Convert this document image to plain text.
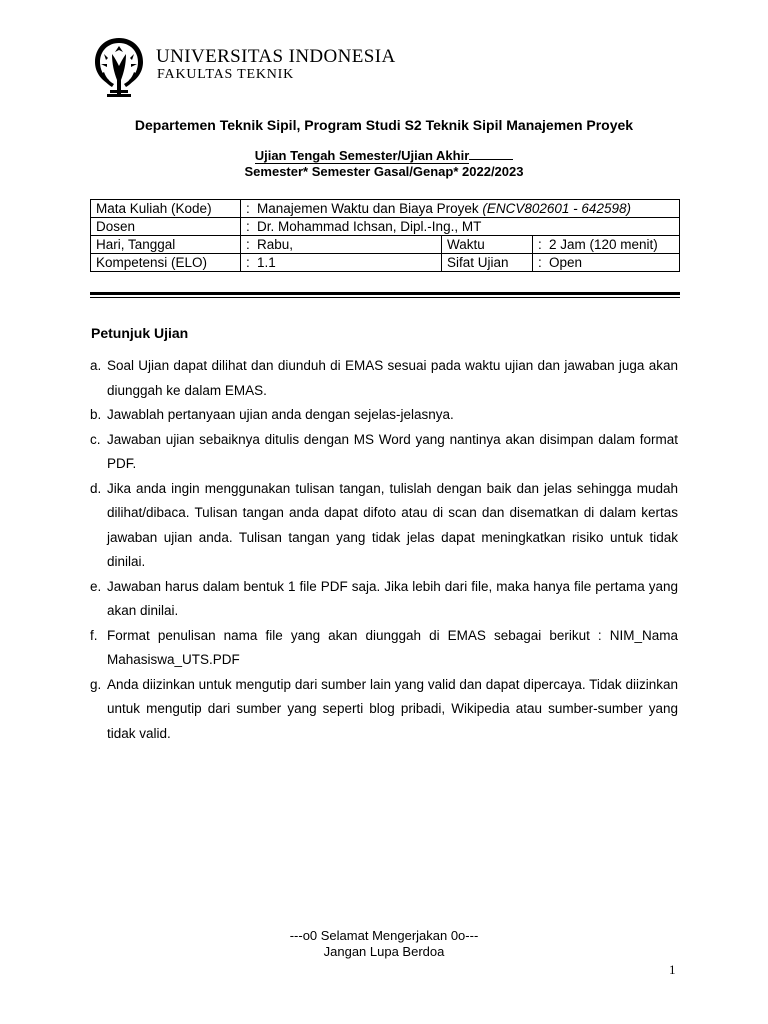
UNIVERSITAS INDONESIA
FAKULTAS TEKNIK
Departemen Teknik Sipil, Program Studi S2 Teknik Sipil Manajemen Proyek
Ujian Tengah Semester/Ujian Akhir
Semester* Semester Gasal/Genap* 2022/2023
Mata Kuliah (Kode)	: Manajemen Waktu dan Biaya Proyek (ENCV802601 - 642598)		
Dosen	: Dr. Mohammad Ichsan, Dipl.-Ing., MT		
Hari, Tanggal	: Rabu,	Waktu	: 2 Jam (120 menit)
Kompetensi (ELO)	: 1.1	Sifat Ujian	: Open
Petunjuk Ujian
a. Soal Ujian dapat dilihat dan diunduh di EMAS sesuai pada waktu ujian dan jawaban juga akan diunggah ke dalam EMAS.
b. Jawablah pertanyaan ujian anda dengan sejelas-jelasnya.
c. Jawaban ujian sebaiknya ditulis dengan MS Word yang nantinya akan disimpan dalam format PDF.
d. Jika anda ingin menggunakan tulisan tangan, tulislah dengan baik dan jelas sehingga mudah dilihat/dibaca. Tulisan tangan anda dapat difoto atau di scan dan disematkan di dalam kertas jawaban ujian anda. Tulisan tangan yang tidak jelas dapat meningkatkan risiko untuk tidak dinilai.
e. Jawaban harus dalam bentuk 1 file PDF saja. Jika lebih dari file, maka hanya file pertama yang akan dinilai.
f. Format penulisan nama file yang akan diunggah di EMAS sebagai berikut : NIM_Nama Mahasiswa_UTS.PDF
g. Anda diizinkan untuk mengutip dari sumber lain yang valid dan dapat dipercaya. Tidak diizinkan untuk mengutip dari sumber yang seperti blog pribadi, Wikipedia atau sumber-sumber yang tidak valid.
---o0 Selamat Mengerjakan 0o---
Jangan Lupa Berdoa
1
